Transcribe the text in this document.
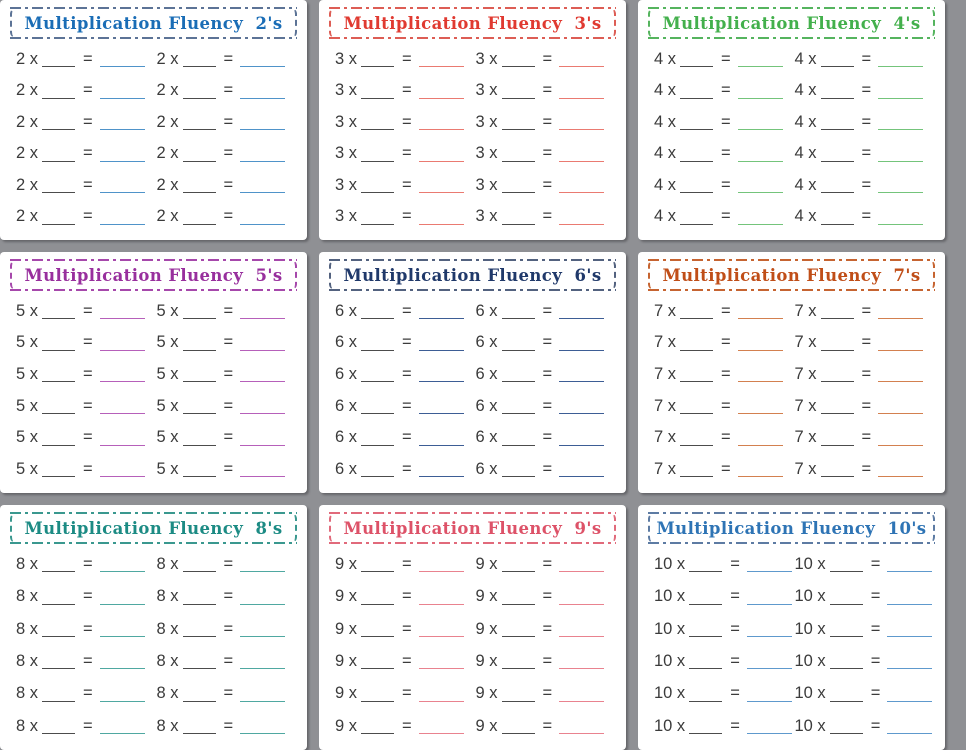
Multiplication Fluency  2's
2 x	=	2 x	=
2 x	=	2 x	=
2 x	=	2 x	=
2 x	=	2 x	=
2 x	=	2 x	=
2 x	=	2 x	=
Multiplication Fluency  3's
3 x	=	3 x	=
3 x	=	3 x	=
3 x	=	3 x	=
3 x	=	3 x	=
3 x	=	3 x	=
3 x	=	3 x	=
Multiplication Fluency  4's
4 x	=	4 x	=
4 x	=	4 x	=
4 x	=	4 x	=
4 x	=	4 x	=
4 x	=	4 x	=
4 x	=	4 x	=
Multiplication Fluency  5's
5 x	=	5 x	=
5 x	=	5 x	=
5 x	=	5 x	=
5 x	=	5 x	=
5 x	=	5 x	=
5 x	=	5 x	=
Multiplication Fluency  6's
6 x	=	6 x	=
6 x	=	6 x	=
6 x	=	6 x	=
6 x	=	6 x	=
6 x	=	6 x	=
6 x	=	6 x	=
Multiplication Fluency  7's
7 x	=	7 x	=
7 x	=	7 x	=
7 x	=	7 x	=
7 x	=	7 x	=
7 x	=	7 x	=
7 x	=	7 x	=
Multiplication Fluency  8's
8 x	=	8 x	=
8 x	=	8 x	=
8 x	=	8 x	=
8 x	=	8 x	=
8 x	=	8 x	=
8 x	=	8 x	=
Multiplication Fluency  9's
9 x	=	9 x	=
9 x	=	9 x	=
9 x	=	9 x	=
9 x	=	9 x	=
9 x	=	9 x	=
9 x	=	9 x	=
Multiplication Fluency  10's
10 x	=	10 x	=
10 x	=	10 x	=
10 x	=	10 x	=
10 x	=	10 x	=
10 x	=	10 x	=
10 x	=	10 x	=
